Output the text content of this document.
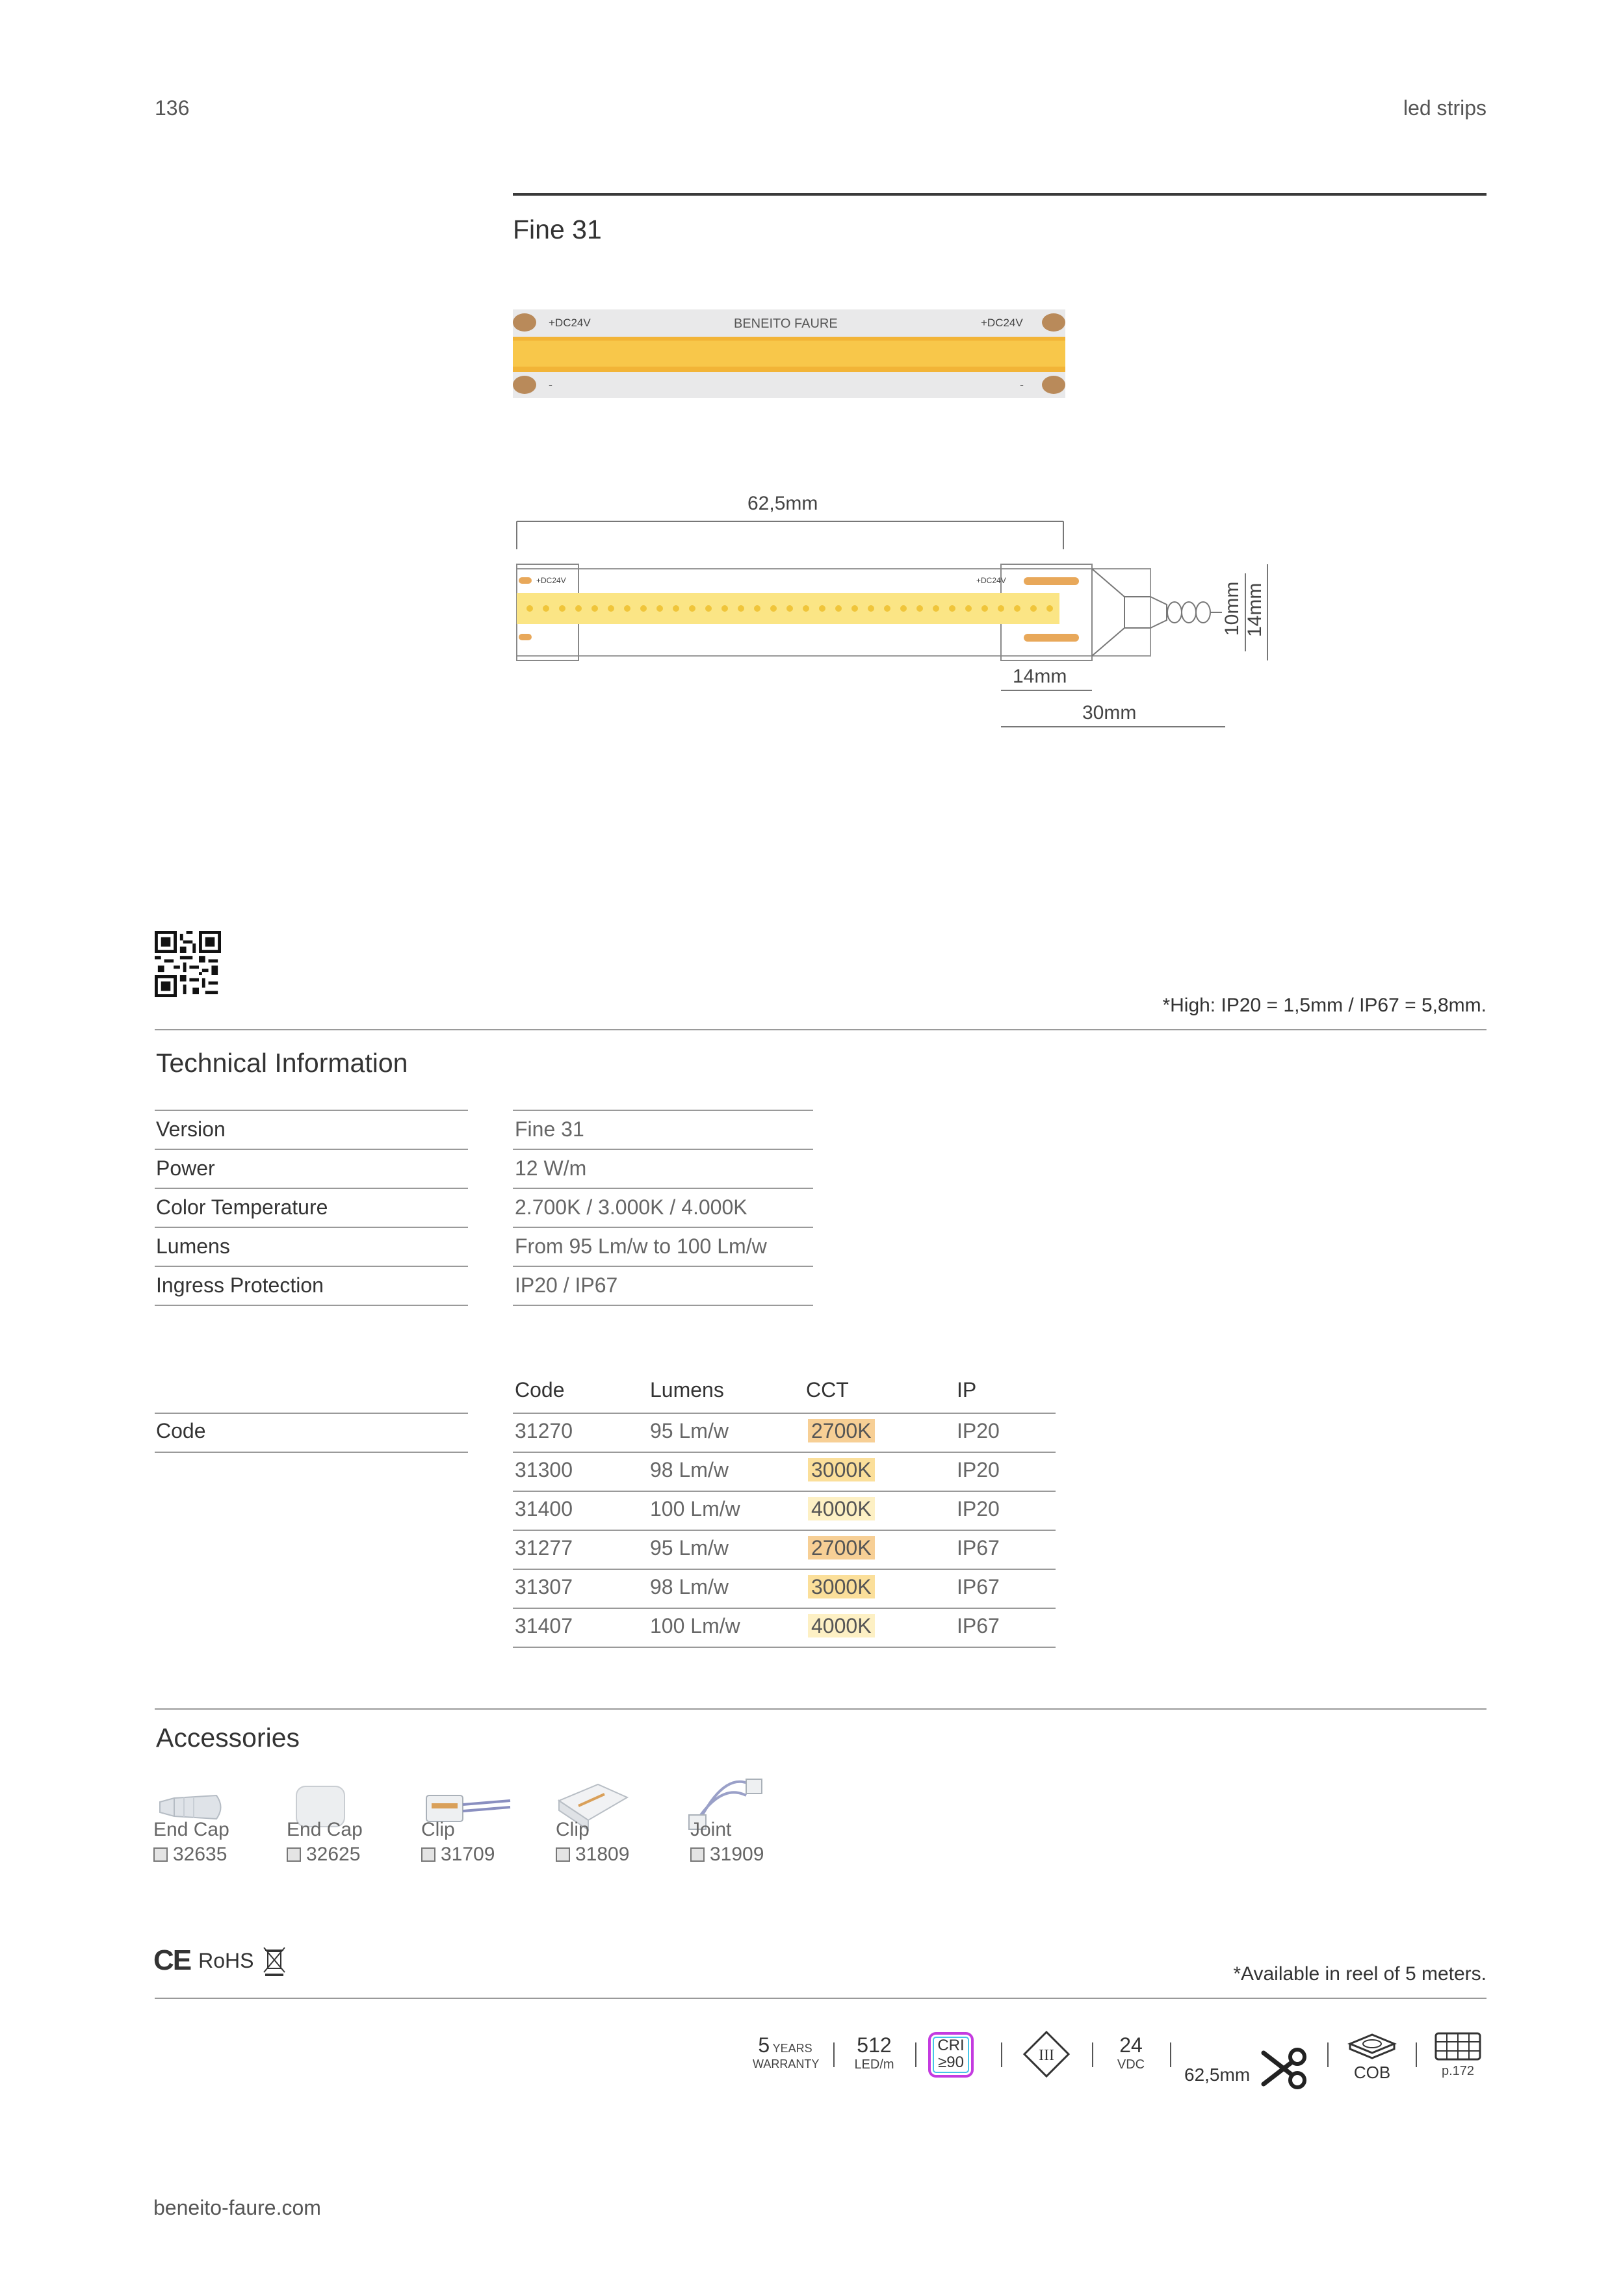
136	led strips
Fine 31
+DC24V	+DC24V
BENEITO FAURE
-	-
62,5mm
+DC24V	+DC24V
10mm 14mm
14mm
30mm
*High: IP20 = 1,5mm / IP67 = 5,8mm.
Technical Information
Version	Fine 31
Power	12 W/m
Color Temperature	2.700K / 3.000K / 4.000K
Lumens	From 95 Lm/w to 100 Lm/w
Ingress Protection	IP20 / IP67
Code	Lumens	CCT	IP
Code	31270	95 Lm/w	2700K	IP20
31300	98 Lm/w	3000K	IP20
31400	100 Lm/w	4000K	IP20
31277	95 Lm/w	2700K	IP67
31307	98 Lm/w	3000K	IP67
31407	100 Lm/w	4000K	IP67
Accessories
End Cap
32635
End Cap
32625
Clip
31709
Clip
31809
Joint
31909
CE RoHS
*Available in reel of 5 meters.
5 YEARS
WARRANTY
512
LED/m
CRI
≥90	III	24
VDC	62,5mm	COB	p.172
beneito-faure.com
